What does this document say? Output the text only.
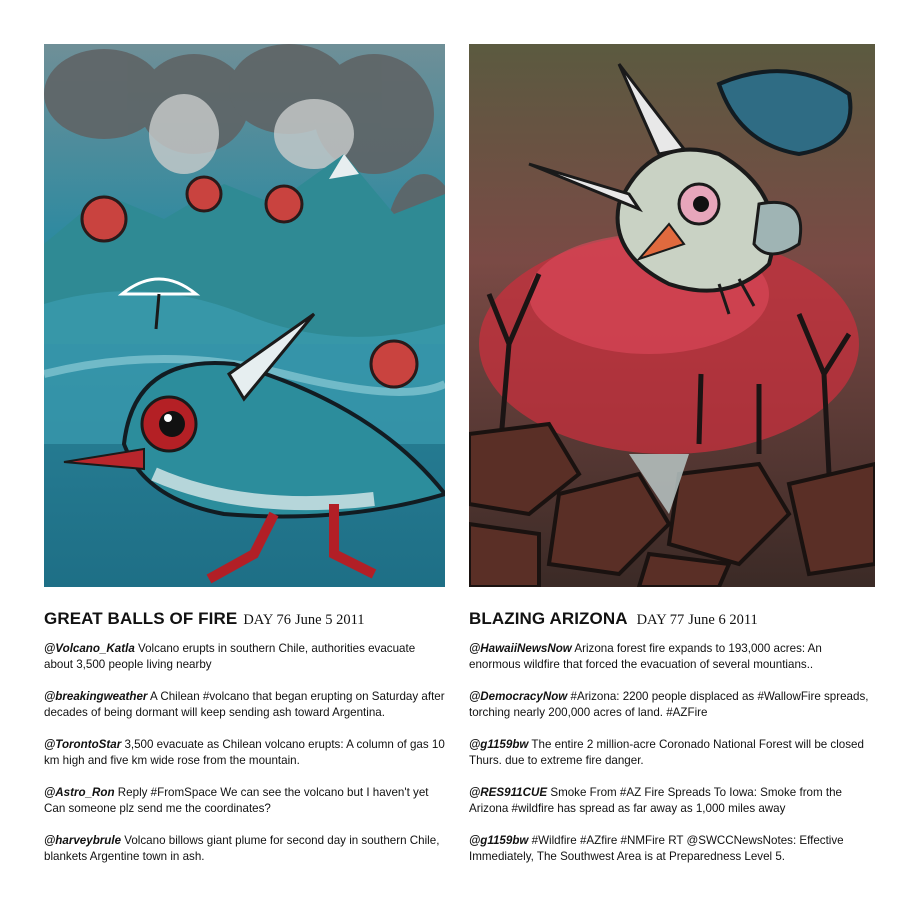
GREAT BALLS OF FIRE DAY 76 June 5 2011

@Volcano_Katla Volcano erupts in southern Chile, authorities evacuate about 3,500 people living nearby

@breakingweather A Chilean #volcano that began erupting on Saturday after decades of being dormant will keep sending ash toward Argentina.

@TorontoStar 3,500 evacuate as Chilean volcano erupts: A column of gas 10 km high and five km wide rose from the mountain.

@Astro_Ron Reply #FromSpace We can see the volcano but I haven't yet Can someone plz send me the coordinates?

@harveybrule Volcano billows giant plume for second day in southern Chile, blankets Argentine town in ash.

BLAZING ARIZONA DAY 77 June 6 2011

@HawaiiNewsNow Arizona forest fire expands to 193,000 acres: An enormous wildfire that forced the evacuation of several mountians..

@DemocracyNow #Arizona: 2200 people displaced as #WallowFire spreads, torching nearly 200,000 acres of land. #AZFire

@g1159bw The entire 2 million-acre Coronado National Forest will be closed Thurs. due to extreme fire danger.

@RES911CUE Smoke From #AZ Fire Spreads To Iowa: Smoke from the Arizona #wildfire has spread as far away as 1,000 miles away

@g1159bw #Wildfire #AZfire #NMFire RT @SWCCNewsNotes: Effective Immediately, The Southwest Area is at Preparedness Level 5.
